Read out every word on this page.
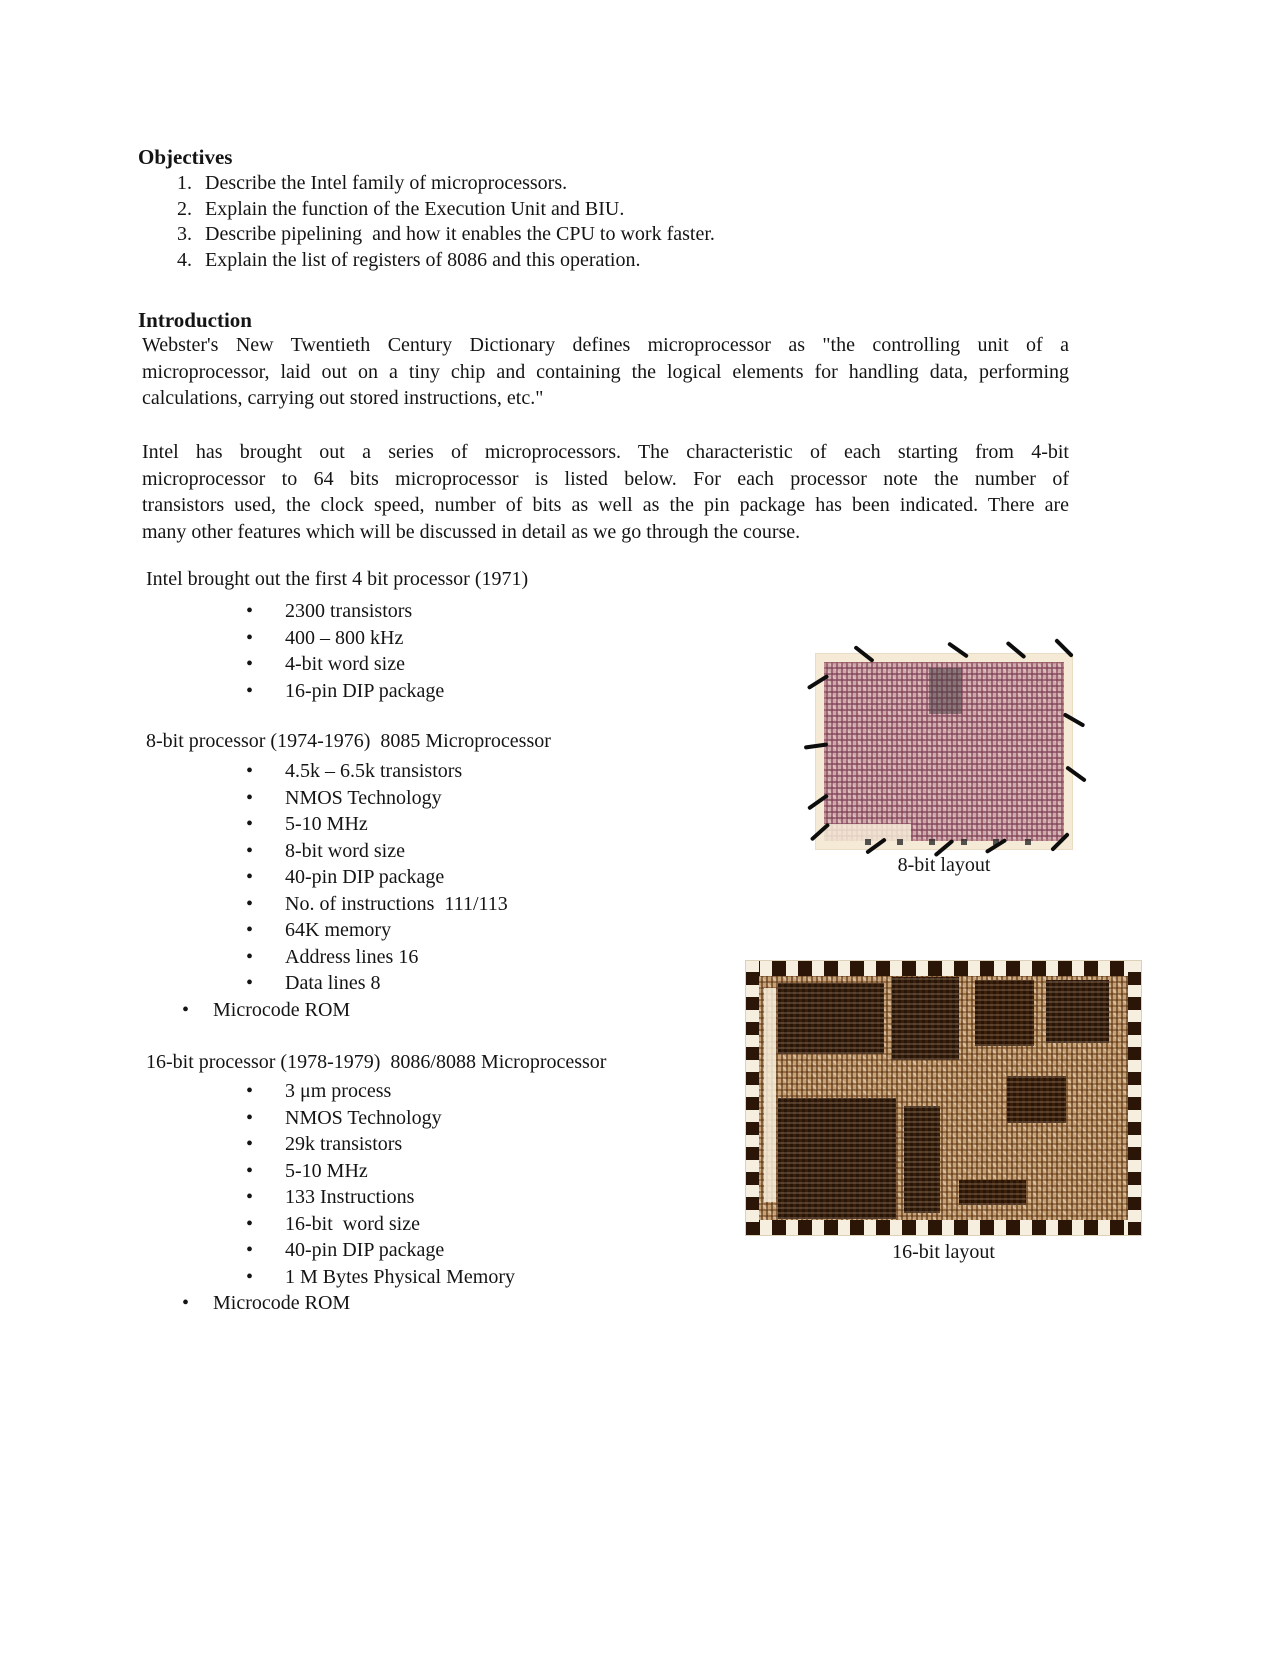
Objectives
1. Describe the Intel family of microprocessors.
2. Explain the function of the Execution Unit and BIU.
3. Describe pipelining  and how it enables the CPU to work faster.
4. Explain the list of registers of 8086 and this operation.
Introduction
Webster's New Twentieth Century Dictionary defines microprocessor as "the controlling unit of a
microprocessor, laid out on a tiny chip and containing the logical elements for handling data, performing
calculations, carrying out stored instructions, etc."
Intel has brought out a series of microprocessors. The characteristic of each starting from 4-bit
microprocessor to 64 bits microprocessor is listed below. For each processor note the number of
transistors used, the clock speed, number of bits as well as the pin package has been indicated. There are
many other features which will be discussed in detail as we go through the course.
Intel brought out the first 4 bit processor (1971)
• 2300 transistors
• 400 – 800 kHz
• 4-bit word size
• 16-pin DIP package
8-bit processor (1974-1976)  8085 Microprocessor
• 4.5k – 6.5k transistors
• NMOS Technology
• 5-10 MHz
• 8-bit word size
• 40-pin DIP package
• No. of instructions  111/113
• 64K memory
• Address lines 16
• Data lines 8
• Microcode ROM
16-bit processor (1978-1979)  8086/8088 Microprocessor
• 3 μm process
• NMOS Technology
• 29k transistors
• 5-10 MHz
• 133 Instructions
• 16-bit  word size
• 40-pin DIP package
• 1 M Bytes Physical Memory
• Microcode ROM
8-bit layout
16-bit layout
